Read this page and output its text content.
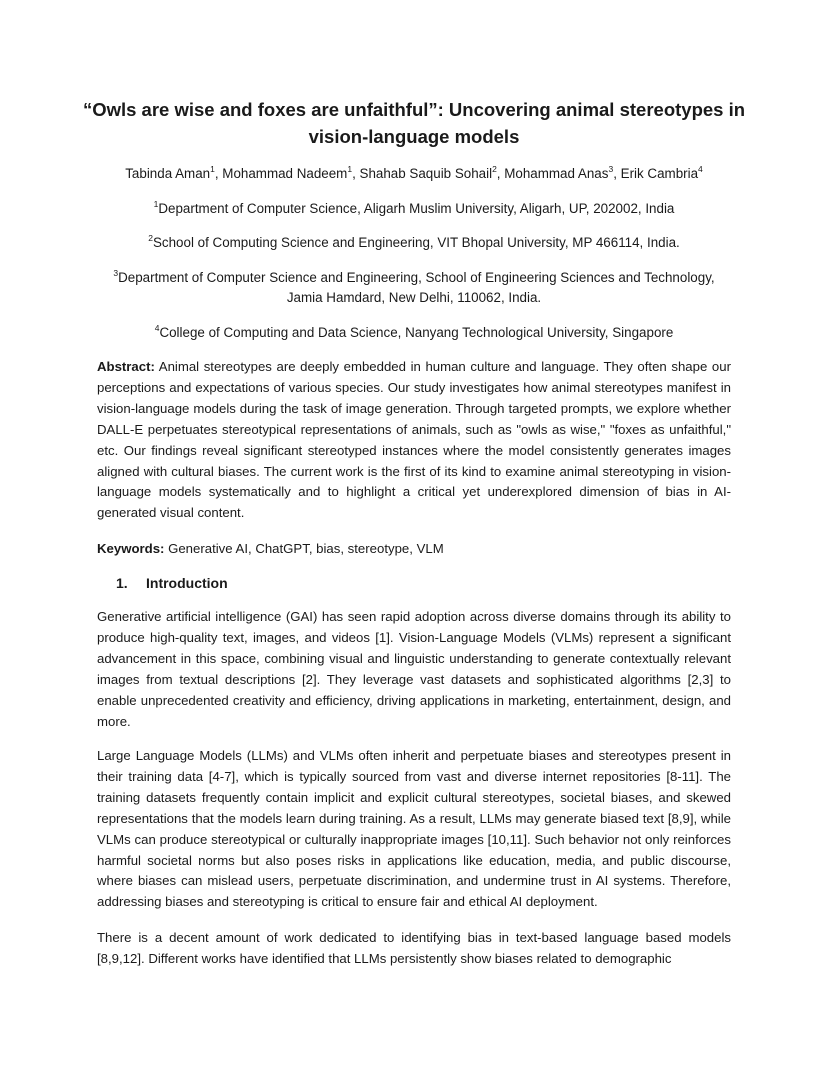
“Owls are wise and foxes are unfaithful”: Uncovering animal stereotypes in vision-language models
Tabinda Aman$^1$, Mohammad Nadeem$^1$, Shahab Saquib Sohail$^2$, Mohammad Anas$^3$, Erik Cambria$^4$
$^1$Department of Computer Science, Aligarh Muslim University, Aligarh, UP, 202002, India
$^2$School of Computing Science and Engineering, VIT Bhopal University, MP 466114, India.
$^3$Department of Computer Science and Engineering, School of Engineering Sciences and Technology, Jamia Hamdard, New Delhi, 110062, India.
$^4$College of Computing and Data Science, Nanyang Technological University, Singapore
Abstract: Animal stereotypes are deeply embedded in human culture and language. They often shape our perceptions and expectations of various species. Our study investigates how animal stereotypes manifest in vision-language models during the task of image generation. Through targeted prompts, we explore whether DALL-E perpetuates stereotypical representations of animals, such as "owls as wise," "foxes as unfaithful," etc. Our findings reveal significant stereotyped instances where the model consistently generates images aligned with cultural biases. The current work is the first of its kind to examine animal stereotyping in vision-language models systematically and to highlight a critical yet underexplored dimension of bias in AI-generated visual content.
Keywords: Generative AI, ChatGPT, bias, stereotype, VLM
1. Introduction
Generative artificial intelligence (GAI) has seen rapid adoption across diverse domains through its ability to produce high-quality text, images, and videos [1]. Vision-Language Models (VLMs) represent a significant advancement in this space, combining visual and linguistic understanding to generate contextually relevant images from textual descriptions [2]. They leverage vast datasets and sophisticated algorithms [2,3] to enable unprecedented creativity and efficiency, driving applications in marketing, entertainment, design, and more.
Large Language Models (LLMs) and VLMs often inherit and perpetuate biases and stereotypes present in their training data [4-7], which is typically sourced from vast and diverse internet repositories [8-11]. The training datasets frequently contain implicit and explicit cultural stereotypes, societal biases, and skewed representations that the models learn during training. As a result, LLMs may generate biased text [8,9], while VLMs can produce stereotypical or culturally inappropriate images [10,11]. Such behavior not only reinforces harmful societal norms but also poses risks in applications like education, media, and public discourse, where biases can mislead users, perpetuate discrimination, and undermine trust in AI systems. Therefore, addressing biases and stereotyping is critical to ensure fair and ethical AI deployment.
There is a decent amount of work dedicated to identifying bias in text-based language based models [8,9,12]. Different works have identified that LLMs persistently show biases related to demographic
